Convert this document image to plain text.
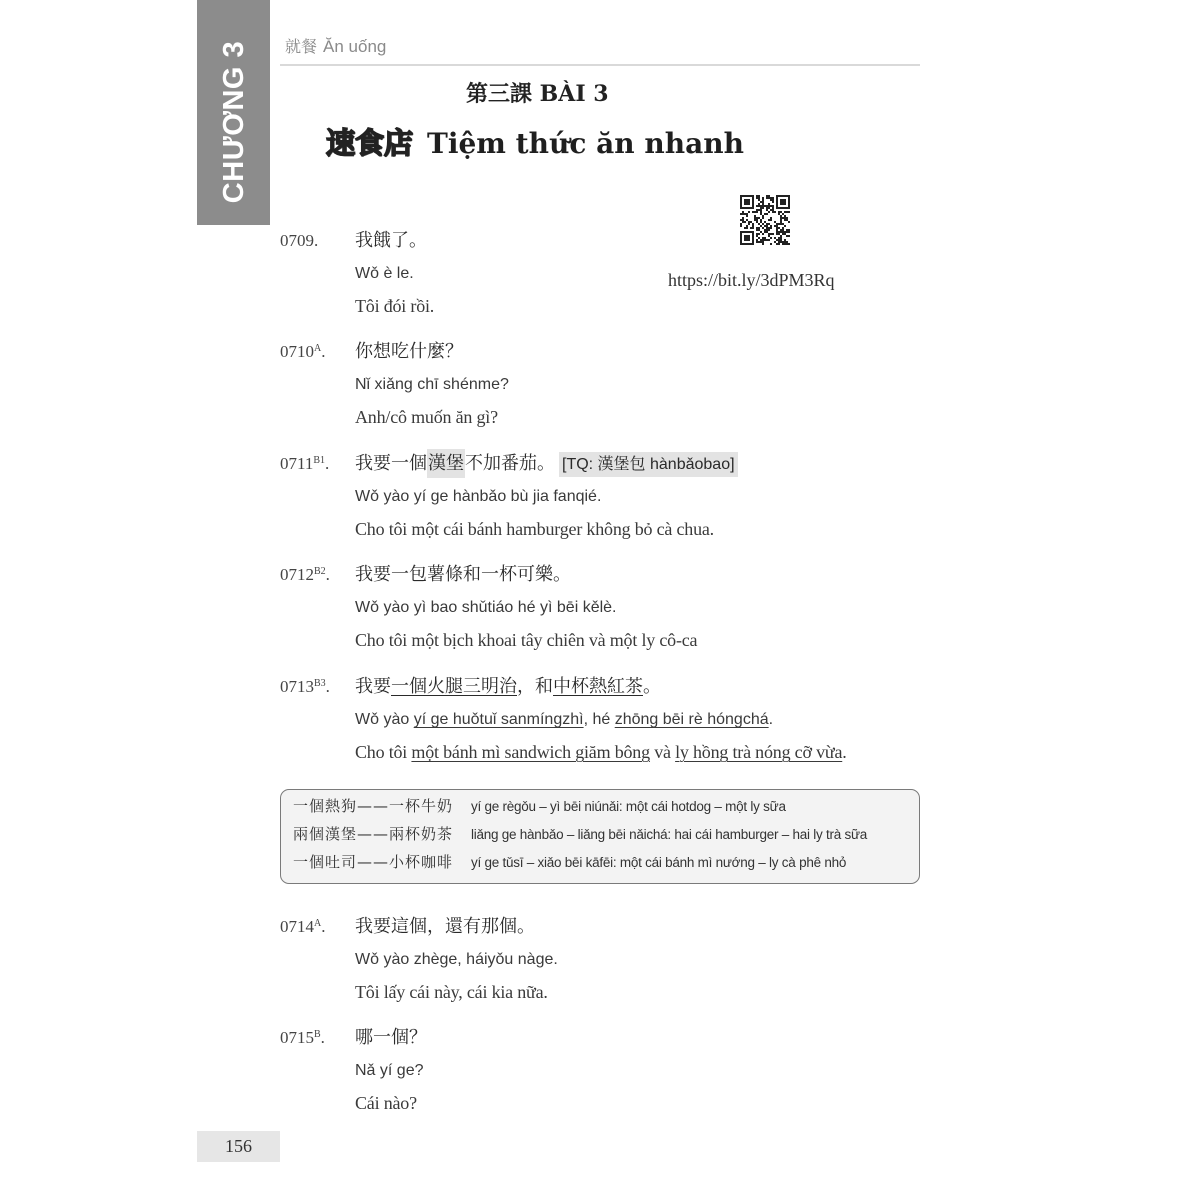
CHƯƠNG 3 就餐 Ăn uống
第三課 BÀI 3
速食店 Tiệm thức ăn nhanh
https://bit.ly/3dPM3Rq
0709. 我餓了。
Wǒ è le.
Tôi đói rồi.
$0710^A$. 你想吃什麼？
Nǐ xiǎng chī shénme?
Anh/cô muốn ăn gì?
$0711^{B1}$. 我要一個漢堡不加番茄。 [TQ: 漢堡包 hànbǎobao]
Wǒ yào yí ge hànbǎo bù jia fanqié.
Cho tôi một cái bánh hamburger không bỏ cà chua.
$0712^{B2}$. 我要一包薯條和一杯可樂。
Wǒ yào yì bao shǔtiáo hé yì bēi kělè.
Cho tôi một bịch khoai tây chiên và một ly cô-ca
$0713^{B3}$. 我要一個火腿三明治，和中杯熱紅茶。
Wǒ yào yí ge huǒtuǐ sanmíngzhì, hé zhōng bēi rè hóngchá.
Cho tôi một bánh mì sandwich giăm bông và ly hồng trà nóng cỡ vừa.
$0714^A$. 我要這個，還有那個。
Wǒ yào zhège, háiyǒu nàge.
Tôi lấy cái này, cái kia nữa.
$0715^B$. 哪一個？
Nǎ yí ge?
Cái nào?
一個熱狗——一杯牛奶 yí ge règǒu – yì bēi niúnǎi: một cái hotdog – một ly sữa
兩個漢堡——兩杯奶茶 liǎng ge hànbǎo – liǎng bēi nǎichá: hai cái hamburger – hai ly trà sữa
一個吐司——小杯咖啡 yí ge tǔsī – xiǎo bēi kāfēi: một cái bánh mì nướng – ly cà phê nhỏ
156
